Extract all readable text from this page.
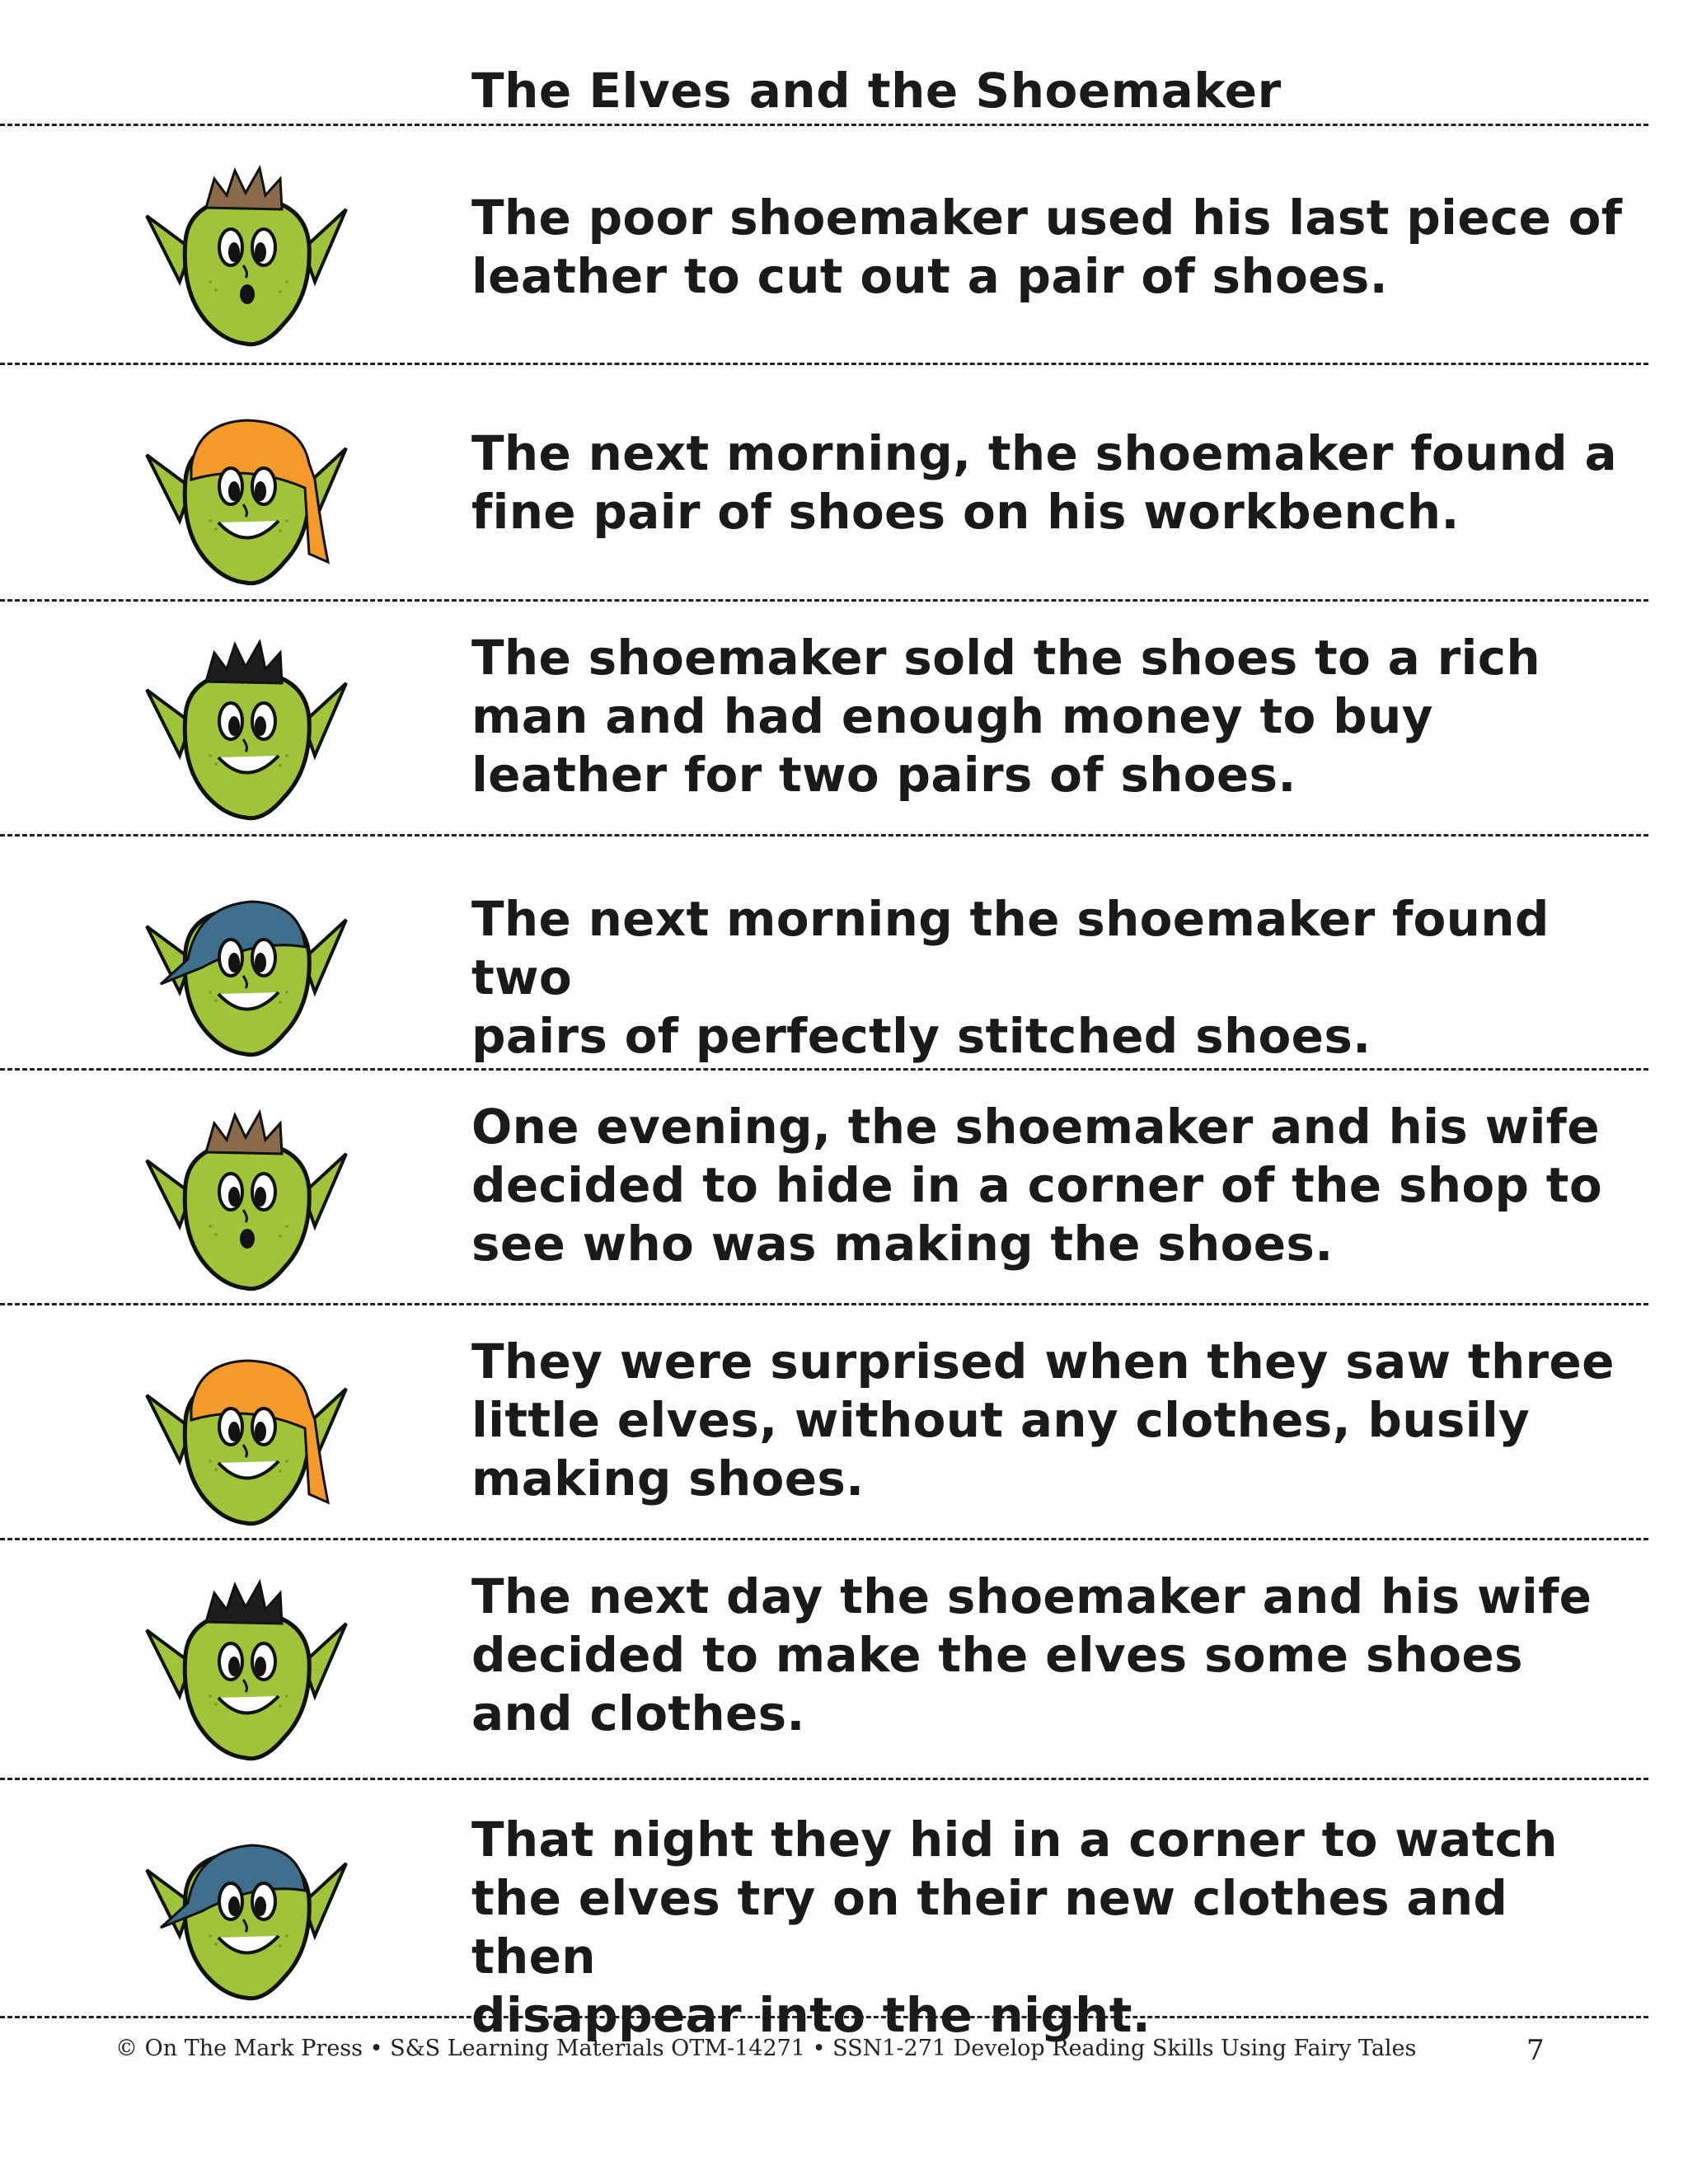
The Elves and the Shoemaker
The poor shoemaker used his last piece of
leather to cut out a pair of shoes.
The next morning, the shoemaker found a
fine pair of shoes on his workbench.
The shoemaker sold the shoes to a rich
man and had enough money to buy
leather for two pairs of shoes.
The next morning the shoemaker found two
pairs of perfectly stitched shoes.
One evening, the shoemaker and his wife
decided to hide in a corner of the shop to
see who was making the shoes.
They were surprised when they saw three
little elves, without any clothes, busily
making shoes.
The next day the shoemaker and his wife
decided to make the elves some shoes
and clothes.
That night they hid in a corner to watch
the elves try on their new clothes and then
disappear into the night.
© On The Mark Press • S&S Learning Materials OTM-14271 • SSN1-271 Develop Reading Skills Using Fairy Tales	7
